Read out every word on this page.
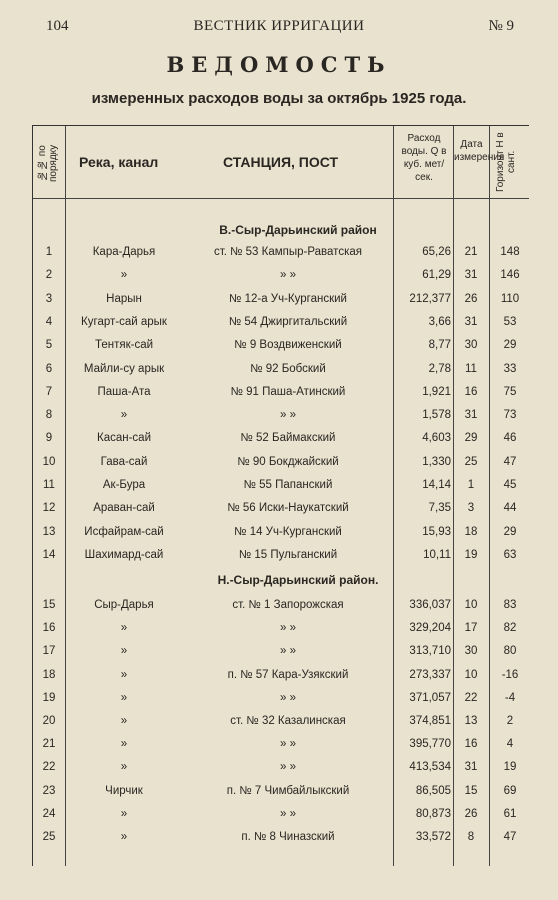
104	ВЕСТНИК ИРРИГАЦИИ	№ 9
ВЕДОМОСТЬ
измеренных расходов воды за октябрь 1925 года.
№№ по порядку Река, канал	СТАНЦИЯ, ПОСТ
Расход воды. Q в куб. мет/сек.
Дата измерения
Горизонт H в сант.
В.-Сыр-Дарьинский район
Н.-Сыр-Дарьинский район.
1	Кара-Дарья	ст. № 53 Кампыр-Раватская	65,26	21	148
2	»	» »	61,29	31	146
3	Нарын	№ 12-а Уч-Курганский	212,377	26	110
4	Кугарт-сай арык	№ 54 Джиргитальский	3,66	31	53
5	Тентяк-сай	№ 9 Воздвиженский	8,77	30	29
6	Майли-су арык	№ 92 Бобский	2,78	11	33
7	Паша-Ата	№ 91 Паша-Атинский	1,921	16	75
8	»	» »	1,578	31	73
9	Касан-сай	№ 52 Баймакский	4,603	29	46
10	Гава-сай	№ 90 Бокджайский	1,330	25	47
11	Ак-Бура	№ 55 Папанский	14,14	1	45
12	Араван-сай	№ 56 Иски-Наукатский	7,35	3	44
13	Исфайрам-сай	№ 14 Уч-Курганский	15,93	18	29
14	Шахимард-сай	№ 15 Пульганский	10,11	19	63
15	Сыр-Дарья	ст. № 1 Запорожская	336,037	10	83
16	»	» »	329,204	17	82
17	»	» »	313,710	30	80
18	»	п. № 57 Кара-Узякский	273,337	10	-16
19	»	» »	371,057	22	-4
20	»	ст. № 32 Казалинская	374,851	13	2
21	»	» »	395,770	16	4
22	»	» »	413,534	31	19
23	Чирчик	п. № 7 Чимбайлыкский	86,505	15	69
24	»	» »	80,873	26	61
25	»	п. № 8 Чиназский	33,572	8	47
